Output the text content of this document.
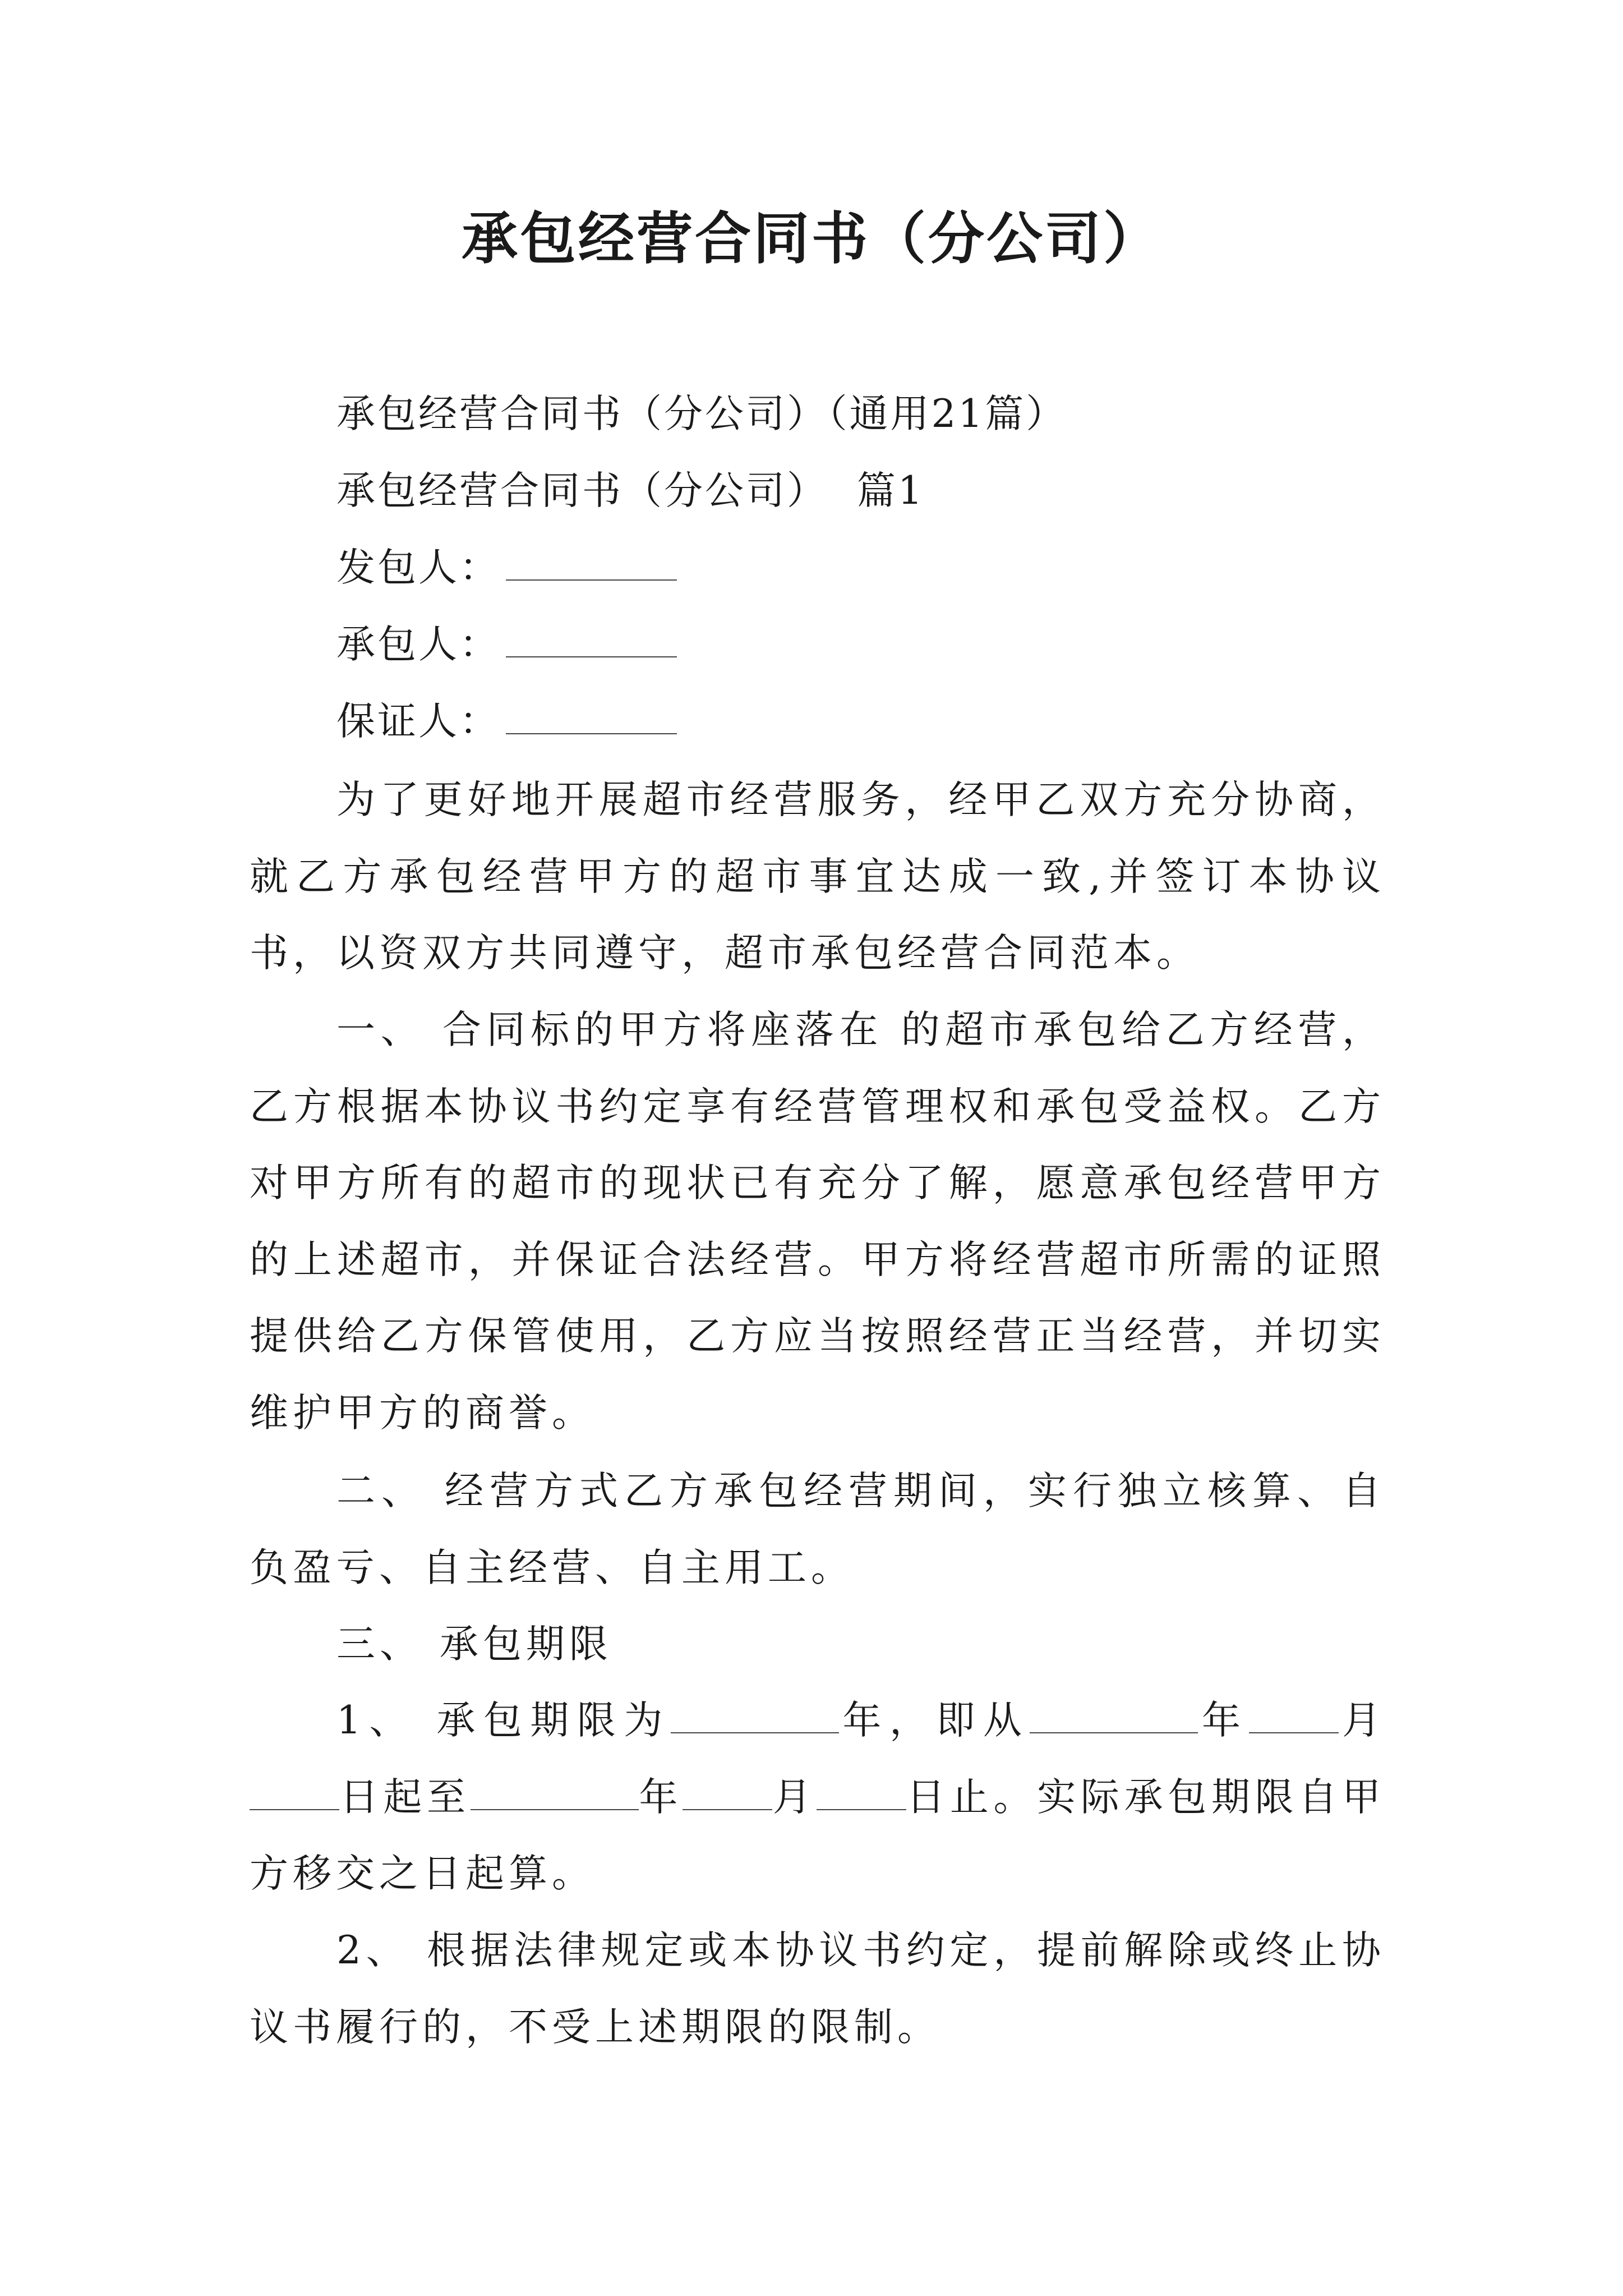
承包经营合同书（分公司）
承包经营合同书（分公司）（通用21篇）
承包经营合同书（分公司）  篇1
发包人：
承包人：
保证人：
为了更好地开展超市经营服务，经甲乙双方充分协商，就乙方承包经营甲方的超市事宜达成一致,并签订本协议书，以资双方共同遵守，超市承包经营合同范本。
一、 合同标的甲方将座落在 的超市承包给乙方经营，乙方根据本协议书约定享有经营管理权和承包受益权。乙方对甲方所有的超市的现状已有充分了解，愿意承包经营甲方的上述超市，并保证合法经营。甲方将经营超市所需的证照提供给乙方保管使用，乙方应当按照经营正当经营，并切实维护甲方的商誉。
二、 经营方式乙方承包经营期间，实行独立核算、自负盈亏、自主经营、自主用工。
三、 承包期限
1、 承包期限为	年，即从	年 月日起至	年 月 日止。实际承包期限自甲方移交之日起算。
2、 根据法律规定或本协议书约定，提前解除或终止协议书履行的，不受上述期限的限制。
